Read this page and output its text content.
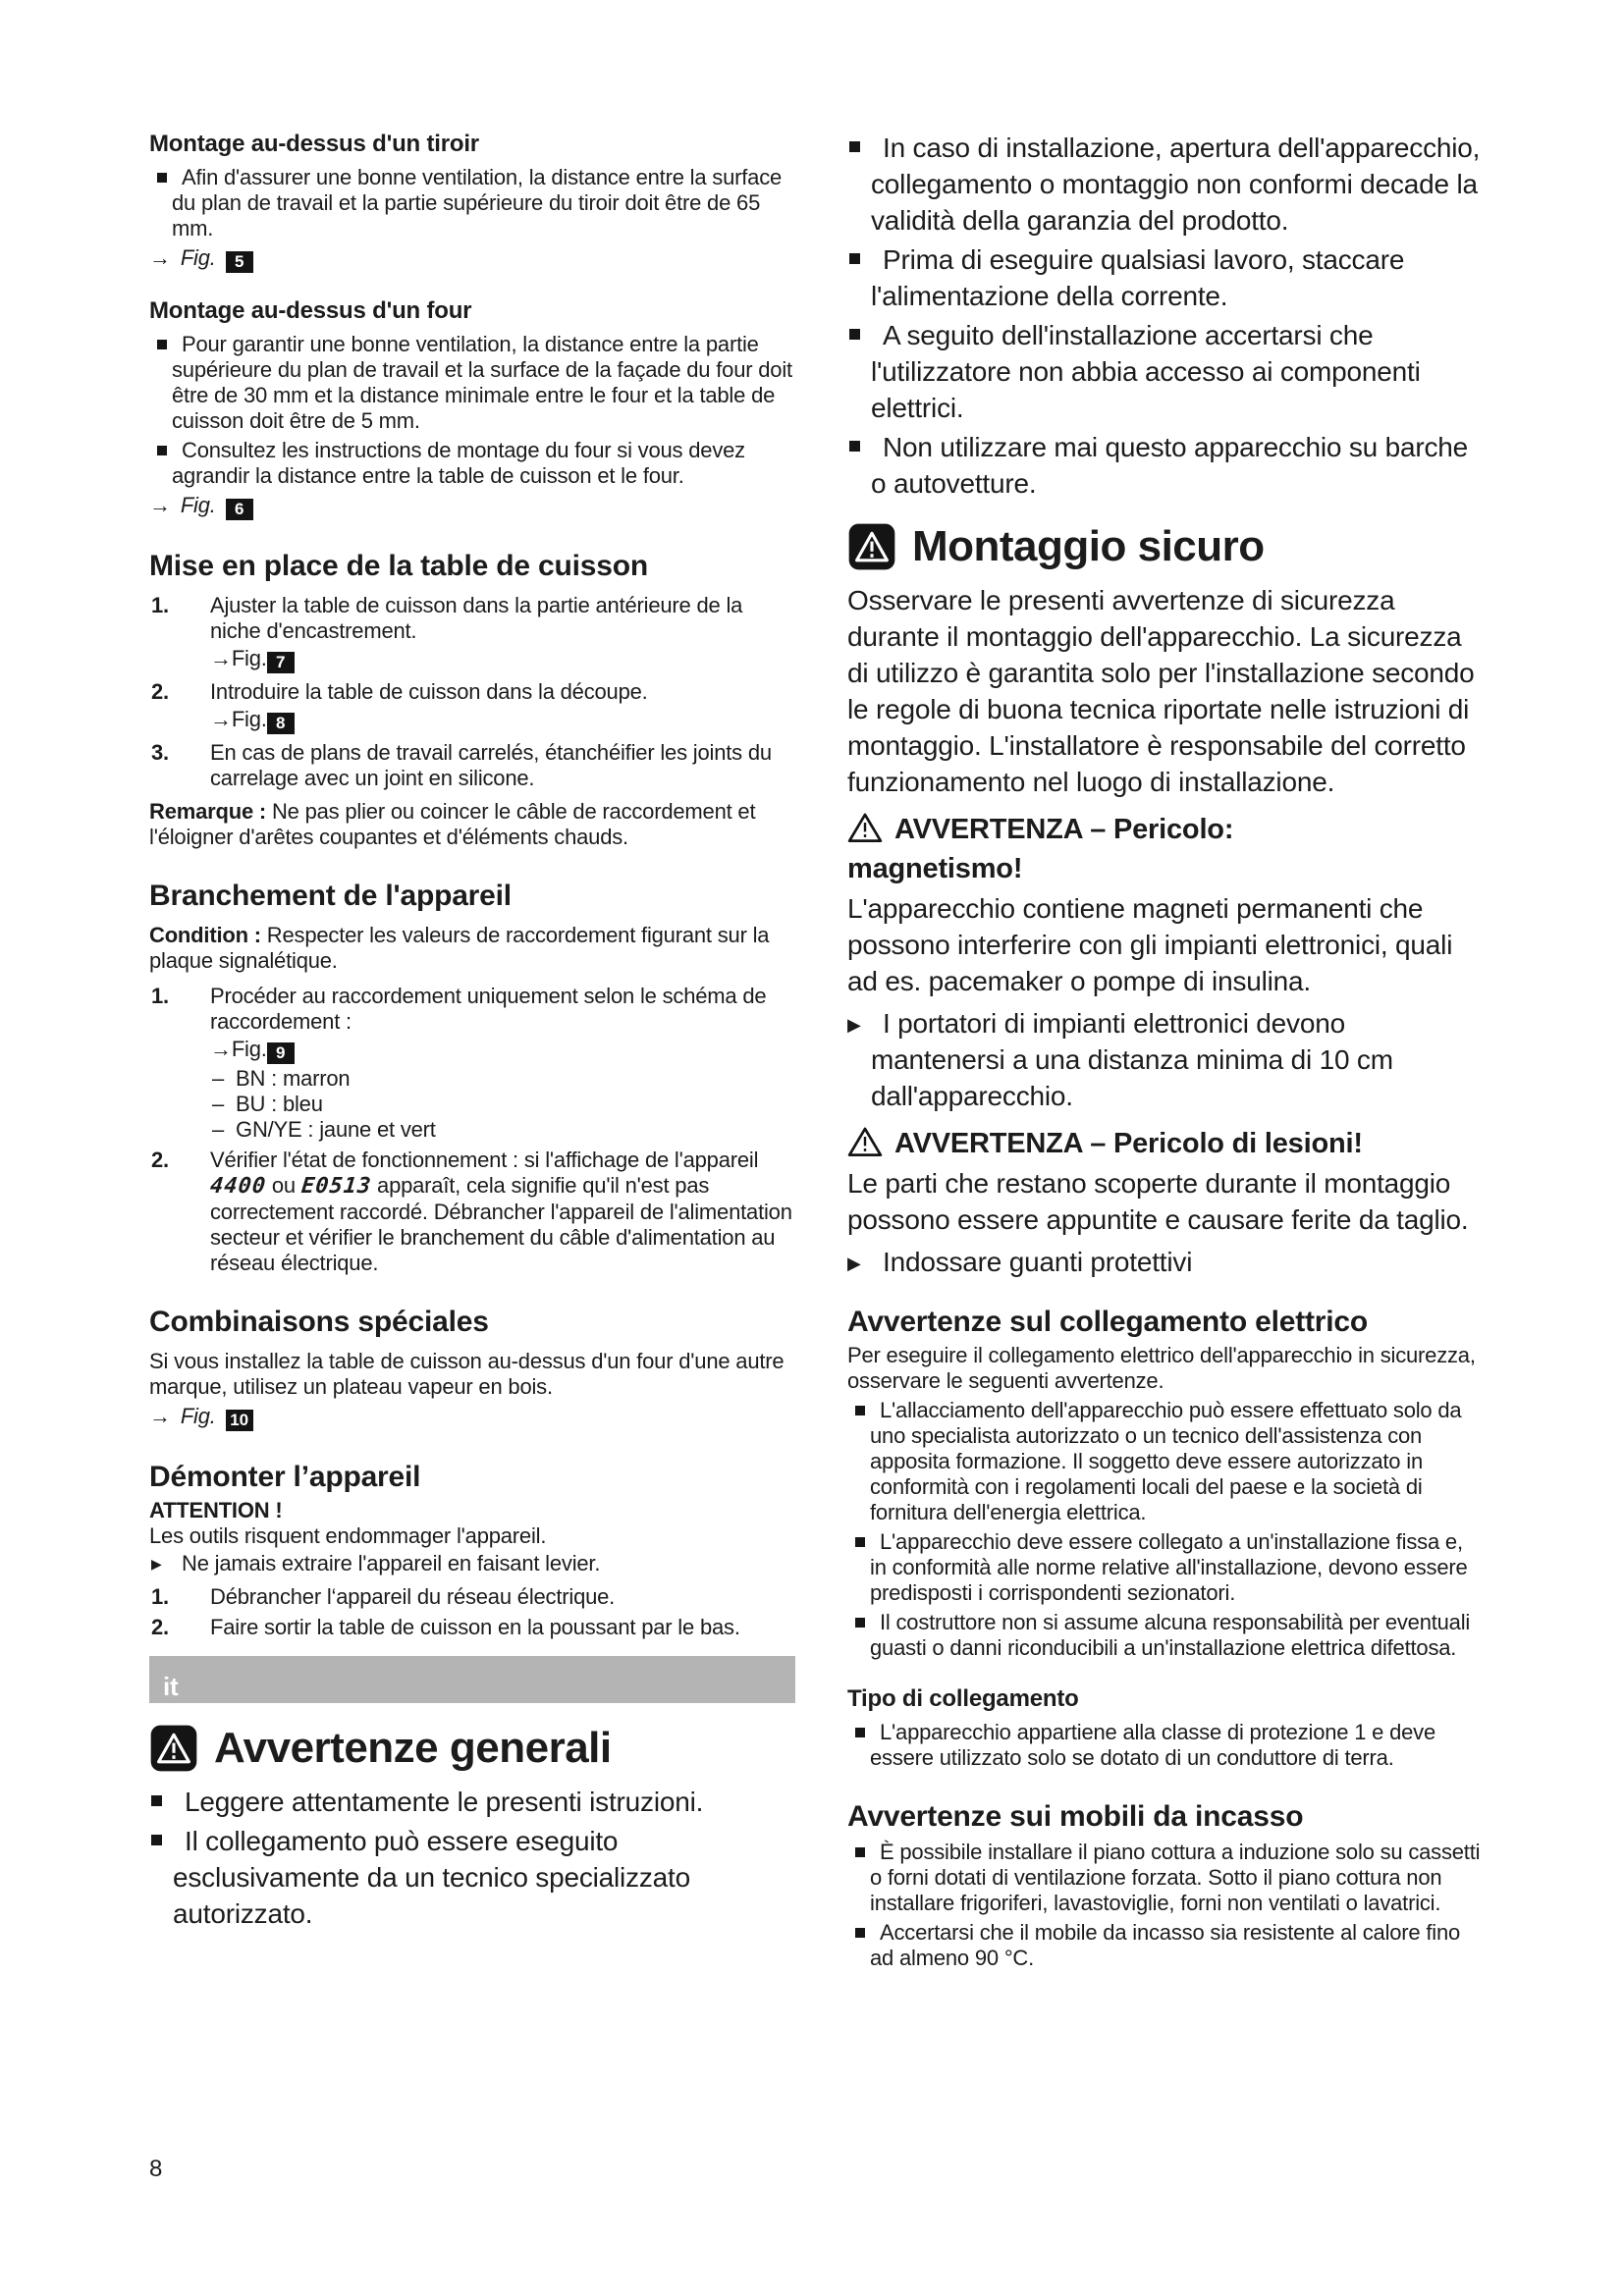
Montage au-dessus d'un tiroir
Afin d'assurer une bonne ventilation, la distance entre la surface du plan de travail et la partie supérieure du tiroir doit être de 65 mm.
→ Fig. 5
Montage au-dessus d'un four
Pour garantir une bonne ventilation, la distance entre la partie supérieure du plan de travail et la surface de la façade du four doit être de 30 mm et la distance minimale entre le four et la table de cuisson doit être de 5 mm.
Consultez les instructions de montage du four si vous devez agrandir la distance entre la table de cuisson et le four.
→ Fig. 6
Mise en place de la table de cuisson
1. Ajuster la table de cuisson dans la partie antérieure de la niche d'encastrement.
→Fig. 7
2. Introduire la table de cuisson dans la découpe.
→Fig. 8
3. En cas de plans de travail carrelés, étanchéifier les joints du carrelage avec un joint en silicone.

Remarque : Ne pas plier ou coincer le câble de raccordement et l'éloigner d'arêtes coupantes et d'éléments chauds.

Branchement de l'appareil

Condition : Respecter les valeurs de raccordement figurant sur la plaque signalétique.

1. Procéder au raccordement uniquement selon le schéma de raccordement :
→Fig. 9
– BN : marron
– BU : bleu
– GN/YE : jaune et vert
2. Vérifier l'état de fonctionnement : si l'affichage de l'appareil 4400 ou E0513 apparaît, cela signifie qu'il n'est pas correctement raccordé. Débrancher l'appareil de l'alimentation secteur et vérifier le branchement du câble d'alimentation au réseau électrique.
Combinaisons spéciales

Si vous installez la table de cuisson au-dessus d'un four d'une autre marque, utilisez un plateau vapeur en bois.

→ Fig. 10
Démonter l’appareil

ATTENTION !

Les outils risquent endommager l'appareil.

▶ Ne jamais extraire l'appareil en faisant levier.
1. Débrancher l‘appareil du réseau électrique.
2. Faire sortir la table de cuisson en la poussant par le bas.
it
Avvertenze generali
Leggere attentamente le presenti istruzioni.
Il collegamento può essere eseguito esclusivamente da un tecnico specializzato autorizzato.
In caso di installazione, apertura dell'apparecchio, collegamento o montaggio non conformi decade la validità della garanzia del prodotto.
Prima di eseguire qualsiasi lavoro, staccare l'alimentazione della corrente.
A seguito dell'installazione accertarsi che l'utilizzatore non abbia accesso ai componenti elettrici.
Non utilizzare mai questo apparecchio su barche o autovetture.
Montaggio sicuro

Osservare le presenti avvertenze di sicurezza durante il montaggio dell'apparecchio. La sicurezza di utilizzo è garantita solo per l'installazione secondo le regole di buona tecnica riportate nelle istruzioni di montaggio. L'installatore è responsabile del corretto funzionamento nel luogo di installazione.

AVVERTENZA – Pericolo:
magnetismo!

L'apparecchio contiene magneti permanenti che possono interferire con gli impianti elettronici, quali ad es. pacemaker o pompe di insulina.

▶ I portatori di impianti elettronici devono mantenersi a una distanza minima di 10 cm dall'apparecchio.
AVVERTENZA – Pericolo di lesioni!

Le parti che restano scoperte durante il montaggio possono essere appuntite e causare ferite da taglio.

▶ Indossare guanti protettivi
Avvertenze sul collegamento elettrico

Per eseguire il collegamento elettrico dell'apparecchio in sicurezza, osservare le seguenti avvertenze.

L'allacciamento dell'apparecchio può essere effettuato solo da uno specialista autorizzato o un tecnico dell'assistenza con apposita formazione. Il soggetto deve essere autorizzato in conformità con i regolamenti locali del paese e la società di fornitura dell'energia elettrica.
L'apparecchio deve essere collegato a un'installazione fissa e, in conformità alle norme relative all'installazione, devono essere predisposti i corrispondenti sezionatori.
Il costruttore non si assume alcuna responsabilità per eventuali guasti o danni riconducibili a un'installazione elettrica difettosa.
Tipo di collegamento
L'apparecchio appartiene alla classe di protezione 1 e deve essere utilizzato solo se dotato di un conduttore di terra.
Avvertenze sui mobili da incasso
È possibile installare il piano cottura a induzione solo su cassetti o forni dotati di ventilazione forzata. Sotto il piano cottura non installare frigoriferi, lavastoviglie, forni non ventilati o lavatrici.
Accertarsi che il mobile da incasso sia resistente al calore fino ad almeno 90 °C.
8
